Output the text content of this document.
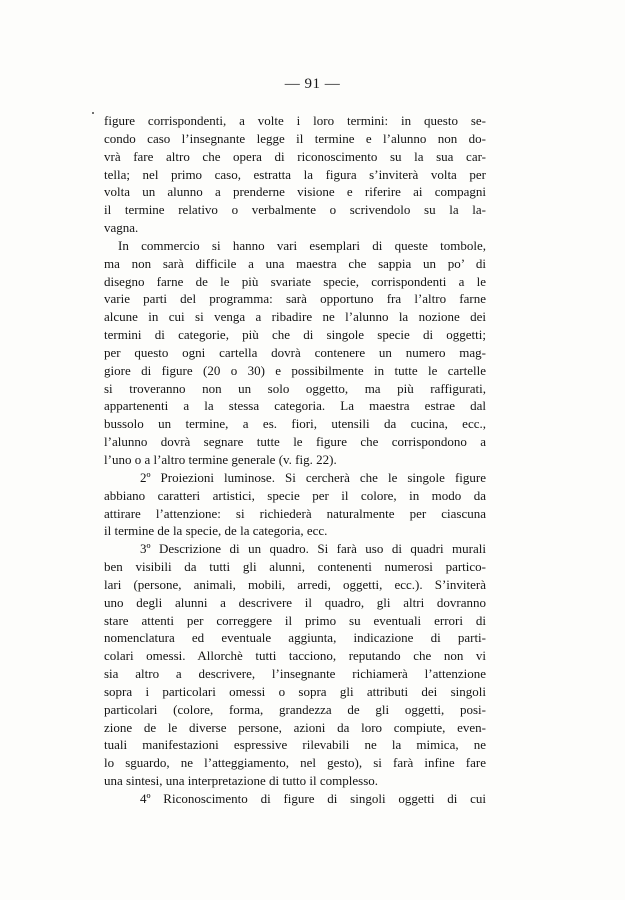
— 91 —
figure corrispondenti, a volte i loro termini: in questo se-
condo caso l’insegnante legge il termine e l’alunno non do-
vrà fare altro che opera di riconoscimento su la sua car-
tella; nel primo caso, estratta la figura s’inviterà volta per
volta un alunno a prenderne visione e riferire ai compagni
il termine relativo o verbalmente o scrivendolo su la la-
vagna.
In commercio si hanno vari esemplari di queste tombole,
ma non sarà difficile a una maestra che sappia un po’ di
disegno farne de le più svariate specie, corrispondenti a le
varie parti del programma: sarà opportuno fra l’altro farne
alcune in cui si venga a ribadire ne l’alunno la nozione dei
termini di categorie, più che di singole specie di oggetti;
per questo ogni cartella dovrà contenere un numero mag-
giore di figure (20 o 30) e possibilmente in tutte le cartelle
si troveranno non un solo oggetto, ma più raffigurati,
appartenenti a la stessa categoria. La maestra estrae dal
bussolo un termine, a es. fiori, utensili da cucina, ecc.,
l’alunno dovrà segnare tutte le figure che corrispondono a
l’uno o a l’altro termine generale (v. fig. 22).
2º Proiezioni luminose. Si cercherà che le singole figure
abbiano caratteri artistici, specie per il colore, in modo da
attirare l’attenzione: si richiederà naturalmente per ciascuna
il termine de la specie, de la categoria, ecc.
3º Descrizione di un quadro. Si farà uso di quadri murali
ben visibili da tutti gli alunni, contenenti numerosi partico-
lari (persone, animali, mobili, arredi, oggetti, ecc.). S’inviterà
uno degli alunni a descrivere il quadro, gli altri dovranno
stare attenti per correggere il primo su eventuali errori di
nomenclatura ed eventuale aggiunta, indicazione di parti-
colari omessi. Allorchè tutti tacciono, reputando che non vi
sia altro a descrivere, l’insegnante richiamerà l’attenzione
sopra i particolari omessi o sopra gli attributi dei singoli
particolari (colore, forma, grandezza de gli oggetti, posi-
zione de le diverse persone, azioni da loro compiute, even-
tuali manifestazioni espressive rilevabili ne la mimica, ne
lo sguardo, ne l’atteggiamento, nel gesto), si farà infine fare
una sintesi, una interpretazione di tutto il complesso.
4º Riconoscimento di figure di singoli oggetti di cui
